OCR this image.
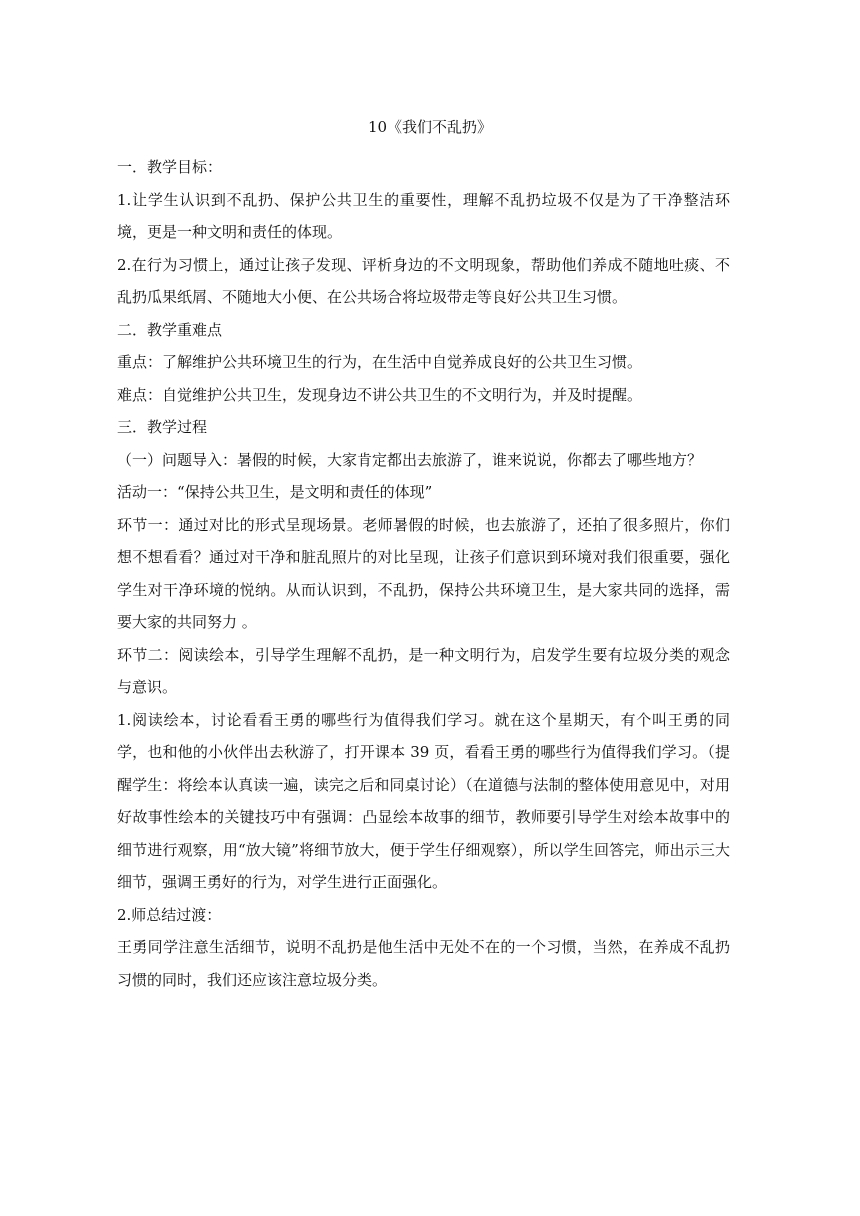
10《我们不乱扔》

一．教学目标：

1.让学生认识到不乱扔、保护公共卫生的重要性，理解不乱扔垃圾不仅是为了干净整洁环境，更是一种文明和责任的体现。

2.在行为习惯上，通过让孩子发现、评析身边的不文明现象，帮助他们养成不随地吐痰、不乱扔瓜果纸屑、不随地大小便、在公共场合将垃圾带走等良好公共卫生习惯。

二．教学重难点

重点：了解维护公共环境卫生的行为，在生活中自觉养成良好的公共卫生习惯。

难点：自觉维护公共卫生，发现身边不讲公共卫生的不文明行为，并及时提醒。

三．教学过程

（一）问题导入：暑假的时候，大家肯定都出去旅游了，谁来说说，你都去了哪些地方？

活动一：“保持公共卫生，是文明和责任的体现”

环节一：通过对比的形式呈现场景。老师暑假的时候，也去旅游了，还拍了很多照片，你们想不想看看？通过对干净和脏乱照片的对比呈现，让孩子们意识到环境对我们很重要，强化学生对干净环境的悦纳。从而认识到，不乱扔，保持公共环境卫生，是大家共同的选择，需要大家的共同努力 。

环节二：阅读绘本，引导学生理解不乱扔，是一种文明行为，启发学生要有垃圾分类的观念与意识。

1.阅读绘本，讨论看看王勇的哪些行为值得我们学习。就在这个星期天，有个叫王勇的同学，也和他的小伙伴出去秋游了，打开课本 39 页，看看王勇的哪些行为值得我们学习。（提醒学生：将绘本认真读一遍，读完之后和同桌讨论）（在道德与法制的整体使用意见中，对用好故事性绘本的关键技巧中有强调：凸显绘本故事的细节，教师要引导学生对绘本故事中的细节进行观察，用“放大镜”将细节放大，便于学生仔细观察），所以学生回答完，师出示三大细节，强调王勇好的行为，对学生进行正面强化。

2.师总结过渡：

王勇同学注意生活细节，说明不乱扔是他生活中无处不在的一个习惯，当然，在养成不乱扔习惯的同时，我们还应该注意垃圾分类。
